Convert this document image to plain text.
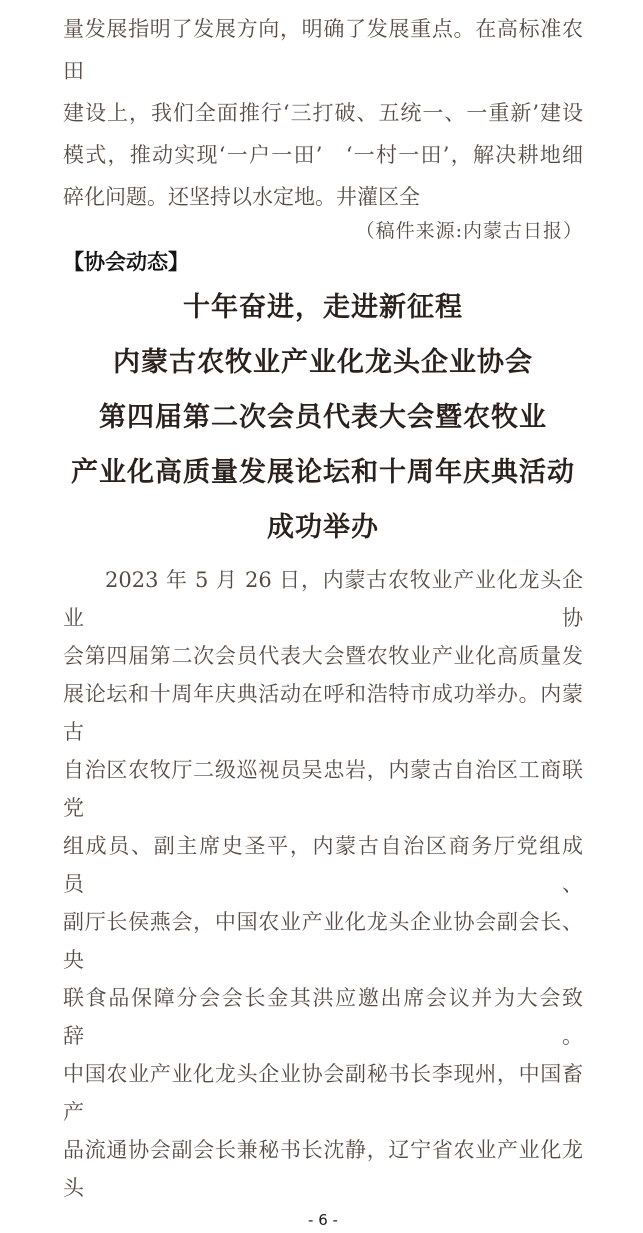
量发展指明了发展方向，明确了发展重点。在高标准农田
建设上，我们全面推行‘三打破、五统一、一重新’建设
模式，推动实现‘一户一田’　‘一村一田’，解决耕地细
碎化问题。还坚持以水定地。井灌区全
（稿件来源:内蒙古日报）
【协会动态】
十年奋进，走进新征程
内蒙古农牧业产业化龙头企业协会
第四届第二次会员代表大会暨农牧业
产业化高质量发展论坛和十周年庆典活动
成功举办
2023 年 5 月 26 日，内蒙古农牧业产业化龙头企业协
会第四届第二次会员代表大会暨农牧业产业化高质量发
展论坛和十周年庆典活动在呼和浩特市成功举办。内蒙古
自治区农牧厅二级巡视员吴忠岩，内蒙古自治区工商联党
组成员、副主席史圣平，内蒙古自治区商务厅党组成员、
副厅长侯燕会，中国农业产业化龙头企业协会副会长、央
联食品保障分会会长金其洪应邀出席会议并为大会致辞。
中国农业产业化龙头企业协会副秘书长李现州，中国畜产
品流通协会副会长兼秘书长沈静，辽宁省农业产业化龙头
- 6 -
